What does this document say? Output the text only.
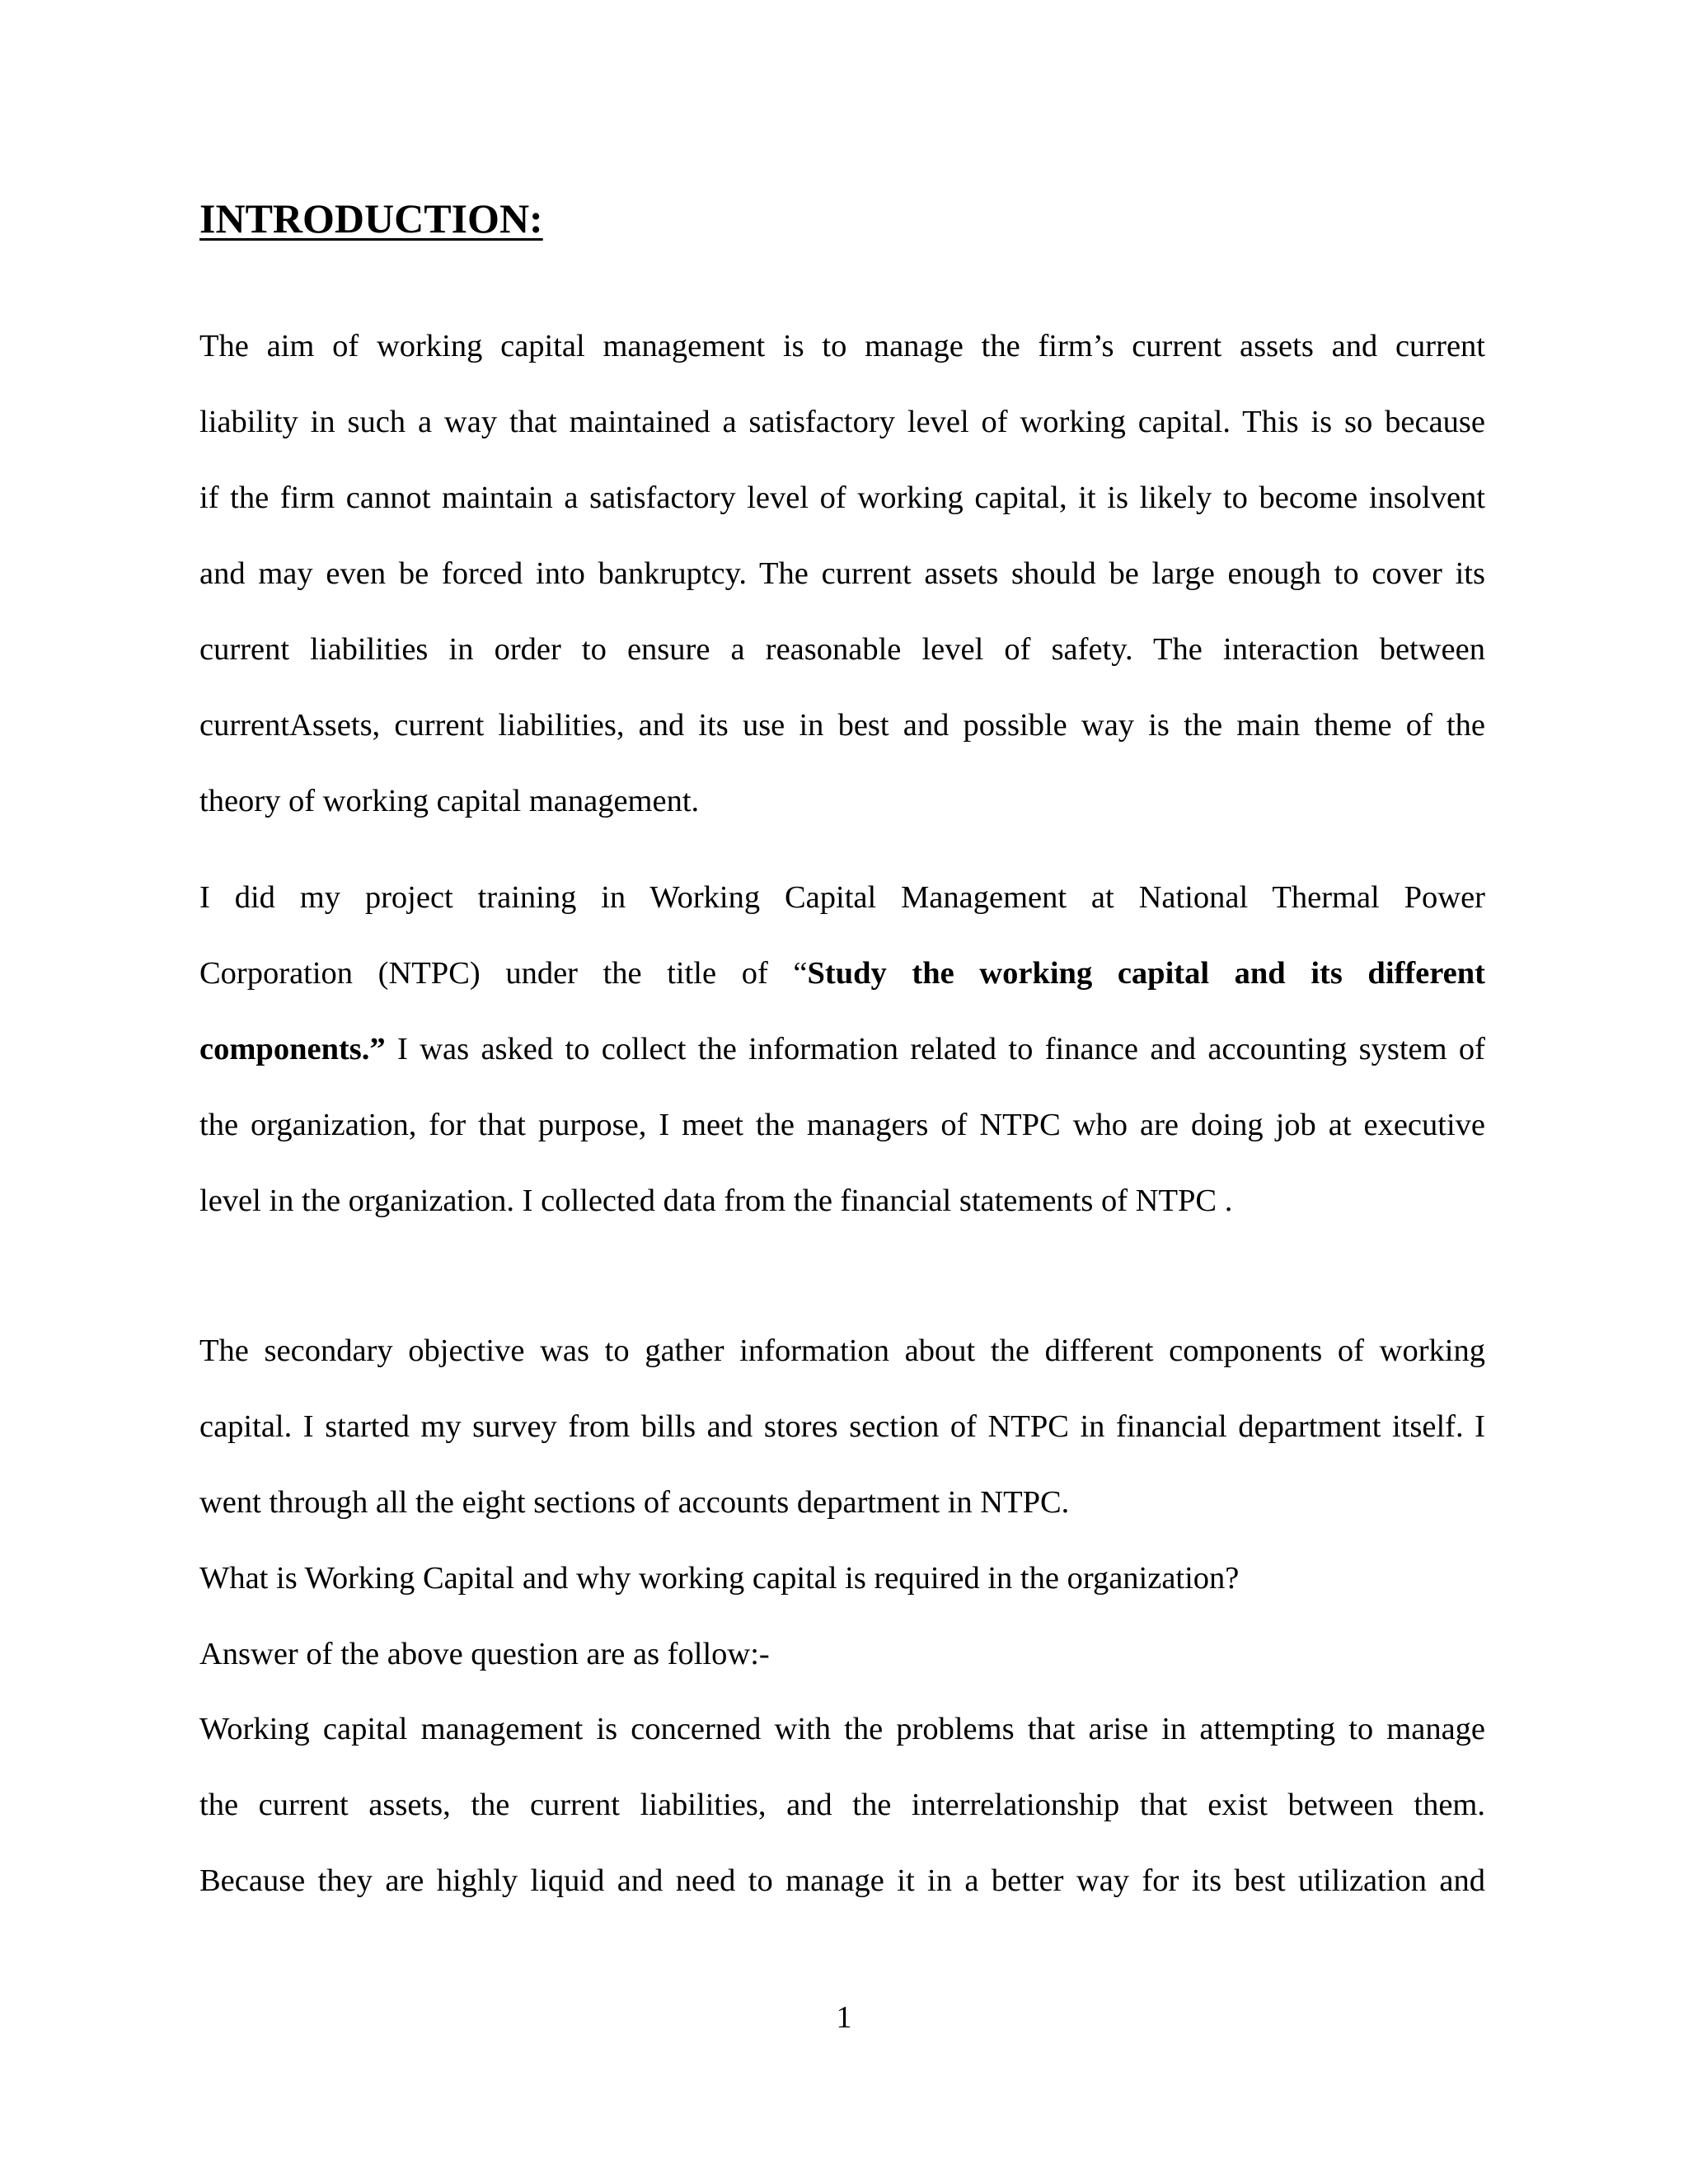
INTRODUCTION:
The aim of working capital management is to manage the firm’s current assets and current
liability in such a way that maintained a satisfactory level of working capital. This is so because
if the firm cannot maintain a satisfactory level of working capital, it is likely to become insolvent
and may even be forced into bankruptcy. The current assets should be large enough to cover its
current liabilities in order to ensure a reasonable level of safety. The interaction between
currentAssets, current liabilities, and its use in best and possible way is the main theme of the
theory of working capital management.
I did my project training in Working Capital Management at National Thermal Power
Corporation (NTPC) under the title of “Study the working capital and its different
components.” I was asked to collect the information related to finance and accounting system of
the organization, for that purpose, I meet the managers of NTPC who are doing job at executive
level in the organization. I collected data from the financial statements of NTPC .
The secondary objective was to gather information about the different components of working
capital. I started my survey from bills and stores section of NTPC in financial department itself. I
went through all the eight sections of accounts department in NTPC.

What is Working Capital and why working capital is required in the organization?

Answer of the above question are as follow:-

Working capital management is concerned with the problems that arise in attempting to manage
the current assets, the current liabilities, and the interrelationship that exist between them.
Because they are highly liquid and need to manage it in a better way for its best utilization and
1
